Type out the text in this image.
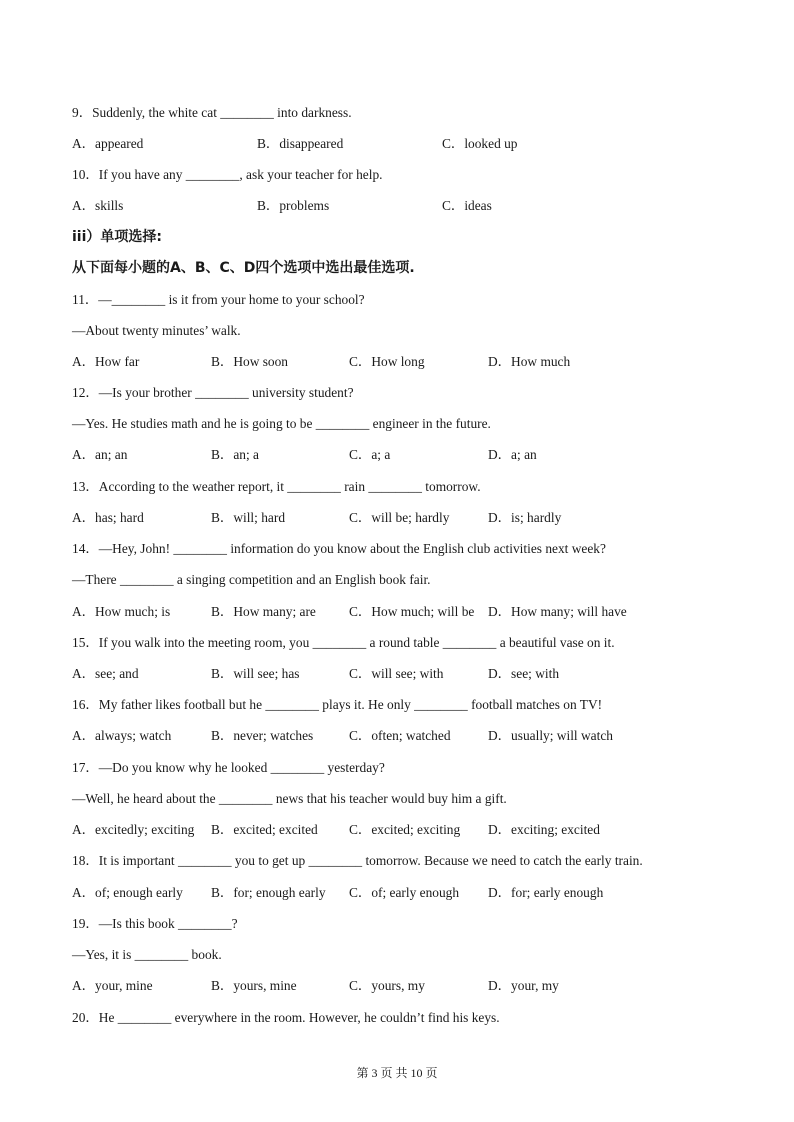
9．Suddenly, the white cat ________ into darkness.
A．appeared	B．disappeared	C．looked up
10．If you have any ________, ask your teacher for help.
A．skills	B．problems	C．ideas
iii）单项选择:
从下面每小题的A、B、C、D四个选项中选出最佳选项.
11．—________ is it from your home to your school?
—About twenty minutes’ walk.
A．How far	B．How soon	C．How long	D．How much
12．—Is your brother ________ university student?
—Yes. He studies math and he is going to be ________ engineer in the future.
A．an; an	B．an; a	C．a; a	D．a; an
13．According to the weather report, it ________ rain ________ tomorrow.
A．has; hard	B．will; hard	C．will be; hardly	D．is; hardly
14．—Hey, John! ________ information do you know about the English club activities next week?
—There ________ a singing competition and an English book fair.
A．How much; is	B．How many; are C．How much; will be D．How many; will have
15．If you walk into the meeting room, you ________ a round table ________ a beautiful vase on it.
A．see; and	B．will see; has	C．will see; with	D．see; with
16．My father likes football but he ________ plays it. He only ________ football matches on TV!
A．always; watch	B．never; watches	C．often; watched	D．usually; will watch
17．—Do you know why he looked ________ yesterday?
—Well, he heard about the ________ news that his teacher would buy him a gift.
A．excitedly; exciting B．excited; excited C．excited; exciting D．exciting; excited
18．It is important ________ you to get up ________ tomorrow. Because we need to catch the early train.
A．of; enough early B．for; enough early C．of; early enough D．for; early enough
19．—Is this book ________?
—Yes, it is ________ book.
A．your, mine	B．yours, mine	C．yours, my	D．your, my
20．He ________ everywhere in the room. However, he couldn’t find his keys.
第 3 页 共 10 页
